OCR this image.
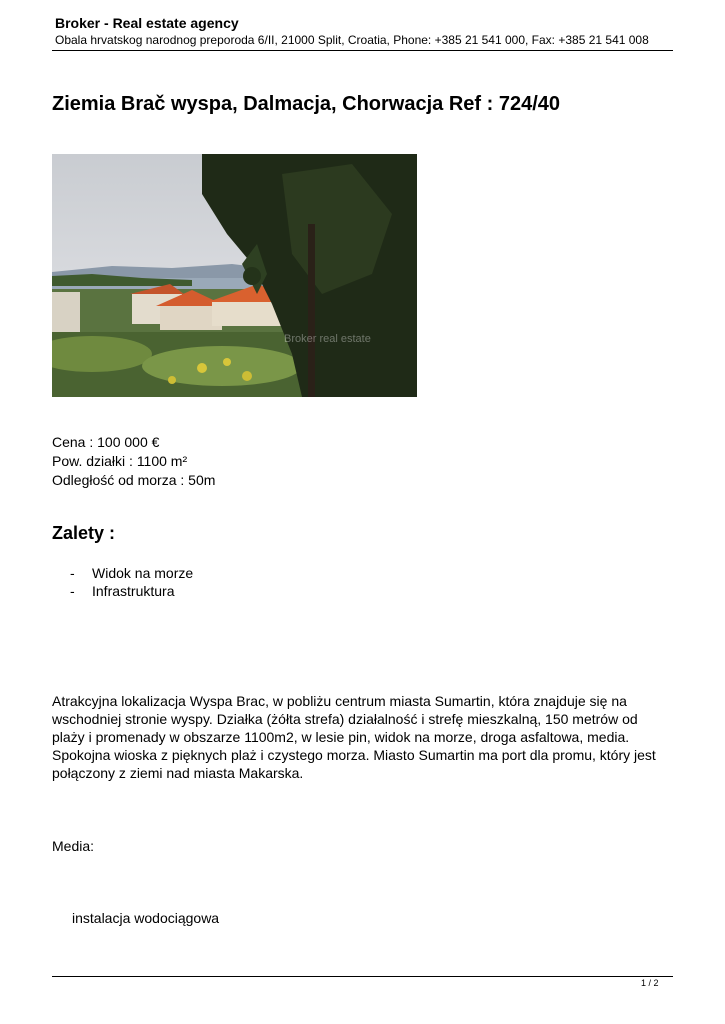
Broker - Real estate agency
Obala hrvatskog narodnog preporoda 6/II, 21000 Split, Croatia, Phone: +385 21 541 000, Fax: +385 21 541 008
Ziemia Brač wyspa, Dalmacja, Chorwacja Ref : 724/40
Broker real estate
Cena : 100 000 €
Pow. działki : 1100 m²
Odległość od morza : 50m
Zalety :
-	Widok na morze
-	Infrastruktura
Atrakcyjna lokalizacja Wyspa Brac, w pobliżu centrum miasta Sumartin, która znajduje się na wschodniej stronie wyspy. Działka (żółta strefa) działalność i strefę mieszkalną, 150 metrów od plaży i promenady w obszarze 1100m2, w lesie pin, widok na morze, droga asfaltowa, media. Spokojna wioska z pięknych plaż i czystego morza. Miasto Sumartin ma port dla promu, który jest połączony z ziemi nad miasta Makarska.
Media:
instalacja wodociągowa
1 / 2
